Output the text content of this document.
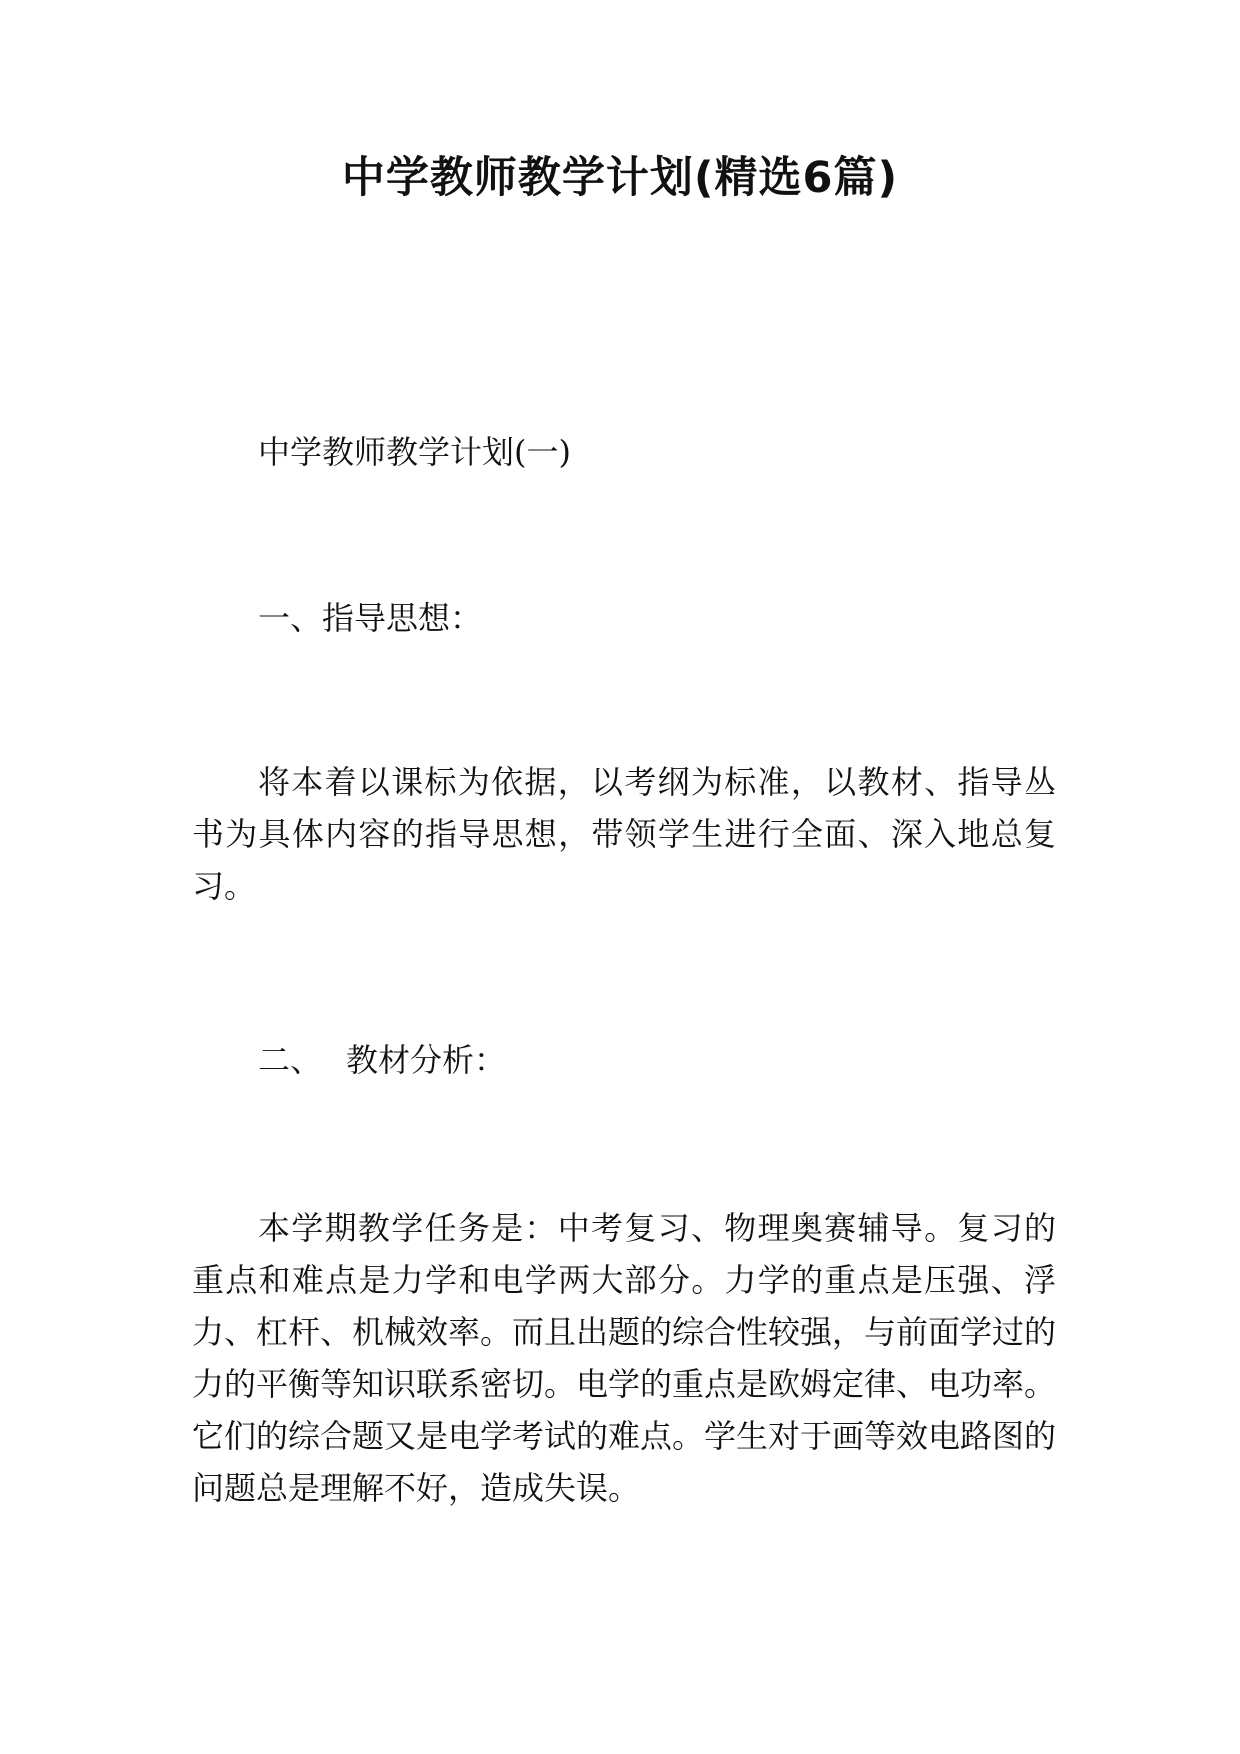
中学教师教学计划(精选6篇)

中学教师教学计划(一)

一、指导思想：

将本着以课标为依据，以考纲为标准，以教材、指导丛书为具体内容的指导思想，带领学生进行全面、深入地总复习。

二、 教材分析：

本学期教学任务是：中考复习、物理奥赛辅导。复习的重点和难点是力学和电学两大部分。力学的重点是压强、浮力、杠杆、机械效率。而且出题的综合性较强，与前面学过的力的平衡等知识联系密切。电学的重点是欧姆定律、电功率。它们的综合题又是电学考试的难点。学生对于画等效电路图的问题总是理解不好，造成失误。
